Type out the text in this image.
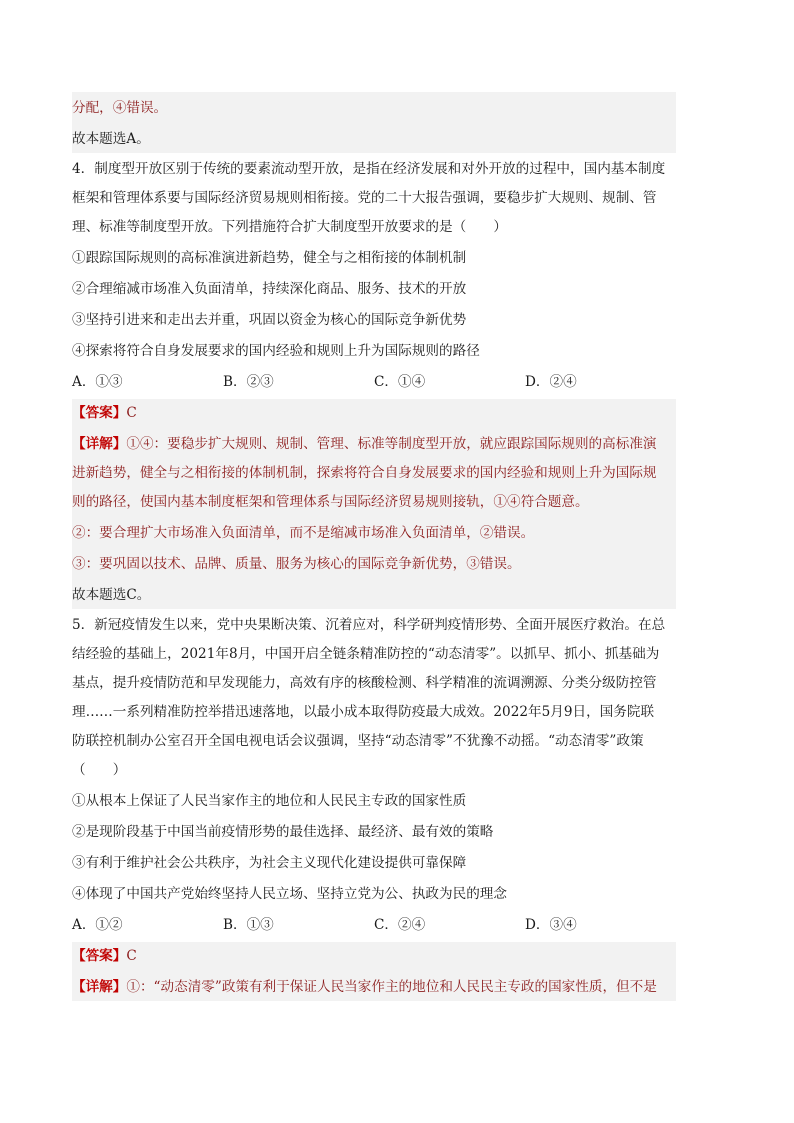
分配，④错误。
故本题选A。
4．制度型开放区别于传统的要素流动型开放，是指在经济发展和对外开放的过程中，国内基本制度
框架和管理体系要与国际经济贸易规则相衔接。党的二十大报告强调，要稳步扩大规则、规制、管
理、标准等制度型开放。下列措施符合扩大制度型开放要求的是（　　）
①跟踪国际规则的高标准演进新趋势，健全与之相衔接的体制机制
②合理缩减市场准入负面清单，持续深化商品、服务、技术的开放
③坚持引进来和走出去并重，巩固以资金为核心的国际竞争新优势
④探索将符合自身发展要求的国内经验和规则上升为国际规则的路径
A．①③	B．②③	C．①④	D．②④
【答案】C
【详解】①④：要稳步扩大规则、规制、管理、标准等制度型开放，就应跟踪国际规则的高标准演
进新趋势，健全与之相衔接的体制机制，探索将符合自身发展要求的国内经验和规则上升为国际规
则的路径，使国内基本制度框架和管理体系与国际经济贸易规则接轨，①④符合题意。
②：要合理扩大市场准入负面清单，而不是缩减市场准入负面清单，②错误。
③：要巩固以技术、品牌、质量、服务为核心的国际竞争新优势，③错误。
故本题选C。
5．新冠疫情发生以来，党中央果断决策、沉着应对，科学研判疫情形势、全面开展医疗救治。在总
结经验的基础上，2021年8月，中国开启全链条精准防控的“动态清零”。以抓早、抓小、抓基础为
基点，提升疫情防范和早发现能力，高效有序的核酸检测、科学精准的流调溯源、分类分级防控管
理……一系列精准防控举措迅速落地，以最小成本取得防疫最大成效。2022年5月9日，国务院联
防联控机制办公室召开全国电视电话会议强调，坚持“动态清零”不犹豫不动摇。“动态清零”政策
（　　）
①从根本上保证了人民当家作主的地位和人民民主专政的国家性质
②是现阶段基于中国当前疫情形势的最佳选择、最经济、最有效的策略
③有利于维护社会公共秩序，为社会主义现代化建设提供可靠保障
④体现了中国共产党始终坚持人民立场、坚持立党为公、执政为民的理念
A．①②	B．①③	C．②④	D．③④
【答案】C
【详解】①：“动态清零”政策有利于保证人民当家作主的地位和人民民主专政的国家性质，但不是
